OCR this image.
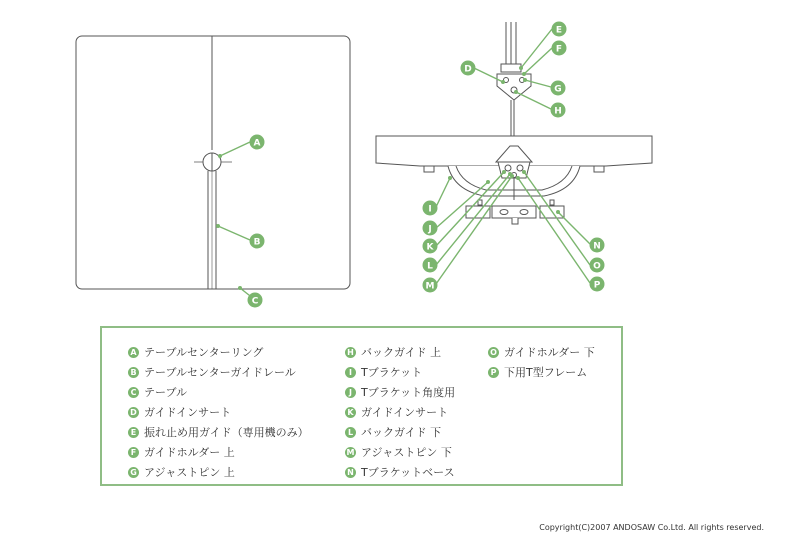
A
B
C
D
E
F
G
H
I
J
K
L
M
N
O
P
A テーブルセンターリング
B テーブルセンターガイドレール
C テーブル
D ガイドインサート
E 振れ止め用ガイド（専用機のみ）
F ガイドホルダー 上
G アジャストピン 上
H バックガイド 上
I Tブラケット
J Tブラケット角度用
K ガイドインサート
L バックガイド 下
M アジャストピン 下
N Tブラケットベース
O ガイドホルダー 下
P 下用T型フレーム
Copyright(C)2007 ANDOSAW Co.Ltd. All rights reserved.
